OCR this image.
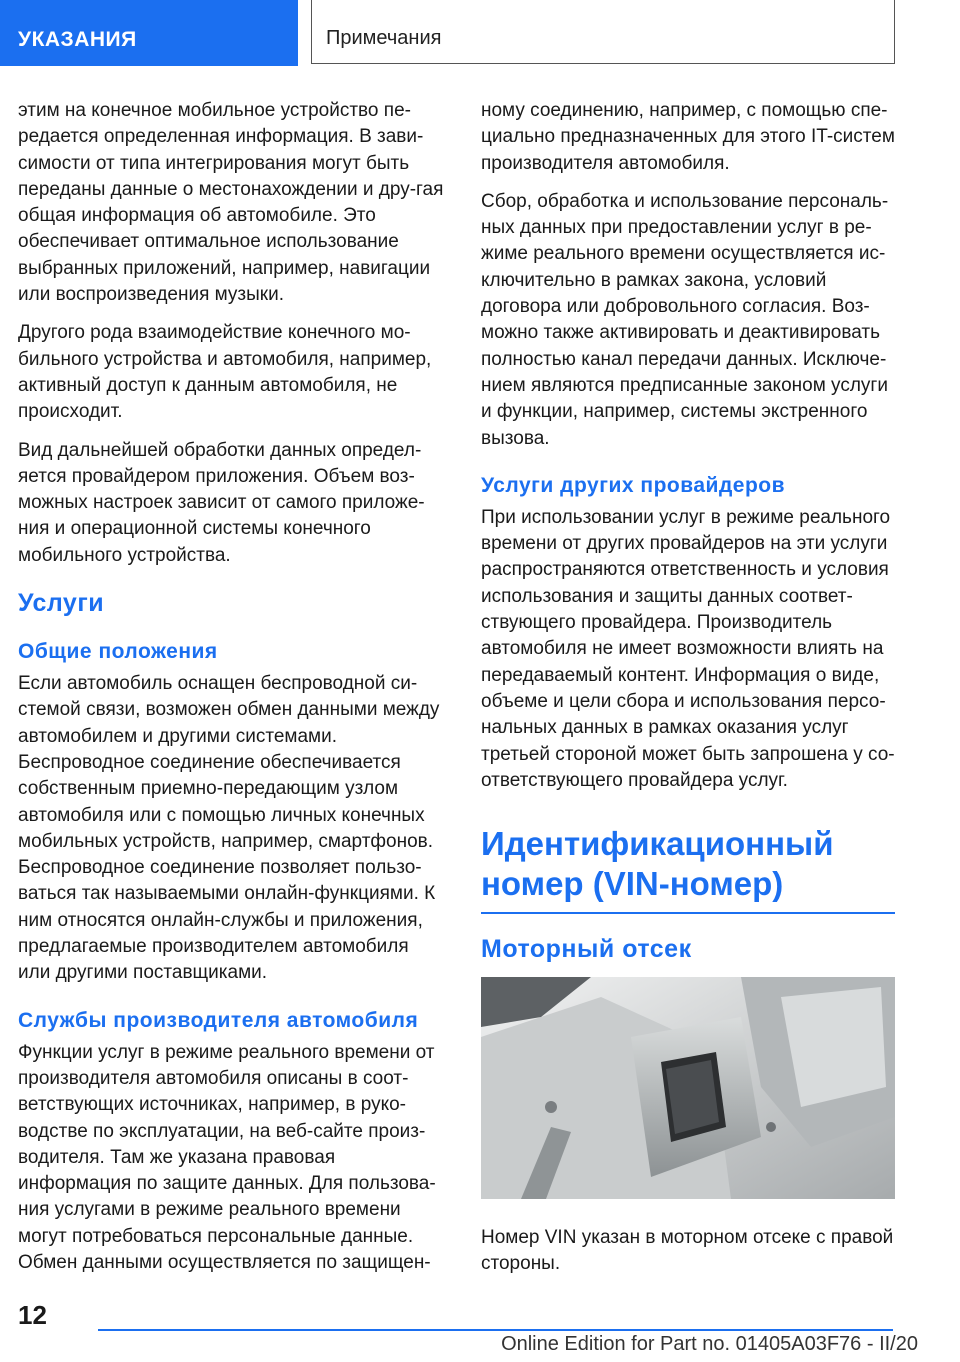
УКАЗАНИЯ	Примечания

этим на конечное мобильное устройство пе-редается определенная информация. В зави-симости от типа интегрирования могут быть переданы данные о местонахождении и дру-гая общая информация об автомобиле. Это обеспечивает оптимальное использование выбранных приложений, например, навигации или воспроизведения музыки.

Другого рода взаимодействие конечного мо-бильного устройства и автомобиля, например, активный доступ к данным автомобиля, не происходит.

Вид дальнейшей обработки данных определ-яется провайдером приложения. Объем воз-можных настроек зависит от самого приложе-ния и операционной системы конечного мобильного устройства.

Услуги
Общие положения

Если автомобиль оснащен беспроводной си-стемой связи, возможен обмен данными между автомобилем и другими системами. Беспроводное соединение обеспечивается собственным приемно-передающим узлом автомобиля или с помощью личных конечных мобильных устройств, например, смартфонов. Беспроводное соединение позволяет пользо-ваться так называемыми онлайн-функциями. К ним относятся онлайн-службы и приложения, предлагаемые производителем автомобиля или другими поставщиками.

Службы производителя автомобиля

Функции услуг в режиме реального времени от производителя автомобиля описаны в соот-ветствующих источниках, например, в руко-водстве по эксплуатации, на веб-сайте произ-водителя. Там же указана правовая информация по защите данных. Для пользова-ния услугами в режиме реального времени могут потребоваться персональные данные. Обмен данными осуществляется по защищен-

ному соединению, например, с помощью спе-циально предназначенных для этого IT-систем производителя автомобиля.

Сбор, обработка и использование персональ-ных данных при предоставлении услуг в ре-жиме реального времени осуществляется ис-ключительно в рамках закона, условий договора или добровольного согласия. Воз-можно также активировать и деактивировать полностью канал передачи данных. Исключе-нием являются предписанные законом услуги и функции, например, системы экстренного вызова.

Услуги других провайдеров

При использовании услуг в режиме реального времени от других провайдеров на эти услуги распространяются ответственность и условия использования и защиты данных соответ-ствующего провайдера. Производитель автомобиля не имеет возможности влиять на передаваемый контент. Информация о виде, объеме и цели сбора и использования персо-нальных данных в рамках оказания услуг третьей стороной может быть запрошена у со-ответствующего провайдера услуг.

Идентификационный номер (VIN-номер)
Моторный отсек

Номер VIN указан в моторном отсеке с правой стороны.

12
Online Edition for Part no. 01405A03F76 - II/20
